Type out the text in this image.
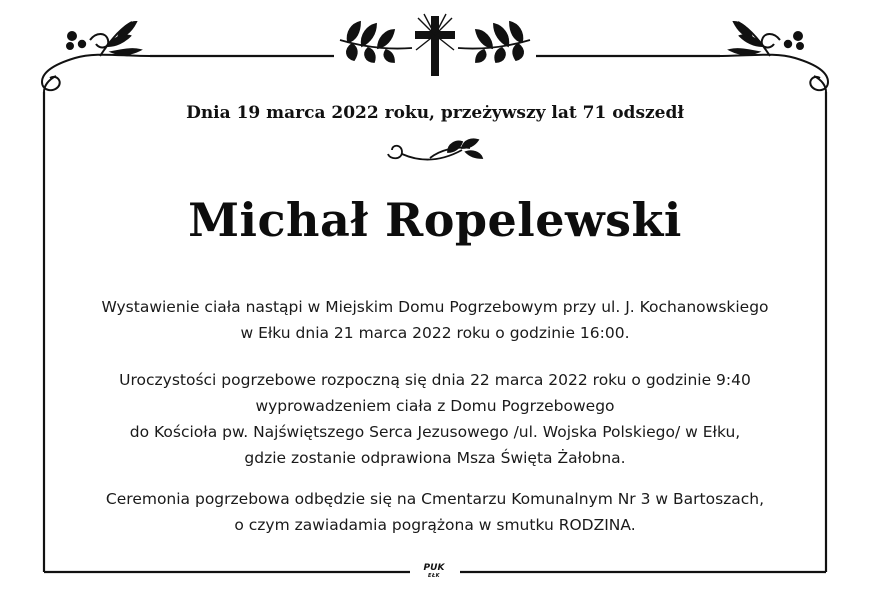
Dnia 19 marca 2022 roku, przeżywszy lat 71 odszedł
Michał Ropelewski
Wystawienie ciała nastąpi w Miejskim Domu Pogrzebowym przy ul. J. Kochanowskiego
w Ełku dnia 21 marca 2022 roku o godzinie 16:00.
Uroczystości pogrzebowe rozpoczną się dnia 22 marca 2022 roku o godzinie 9:40
wyprowadzeniem ciała z Domu Pogrzebowego
do Kościoła pw. Najświętszego Serca Jezusowego /ul. Wojska Polskiego/ w Ełku,
gdzie zostanie odprawiona Msza Święta Żałobna.
Ceremonia pogrzebowa odbędzie się na Cmentarzu Komunalnym Nr 3 w Bartoszach,
o czym zawiadamia pogrążona w smutku RODZINA.
PUK
EŁK
